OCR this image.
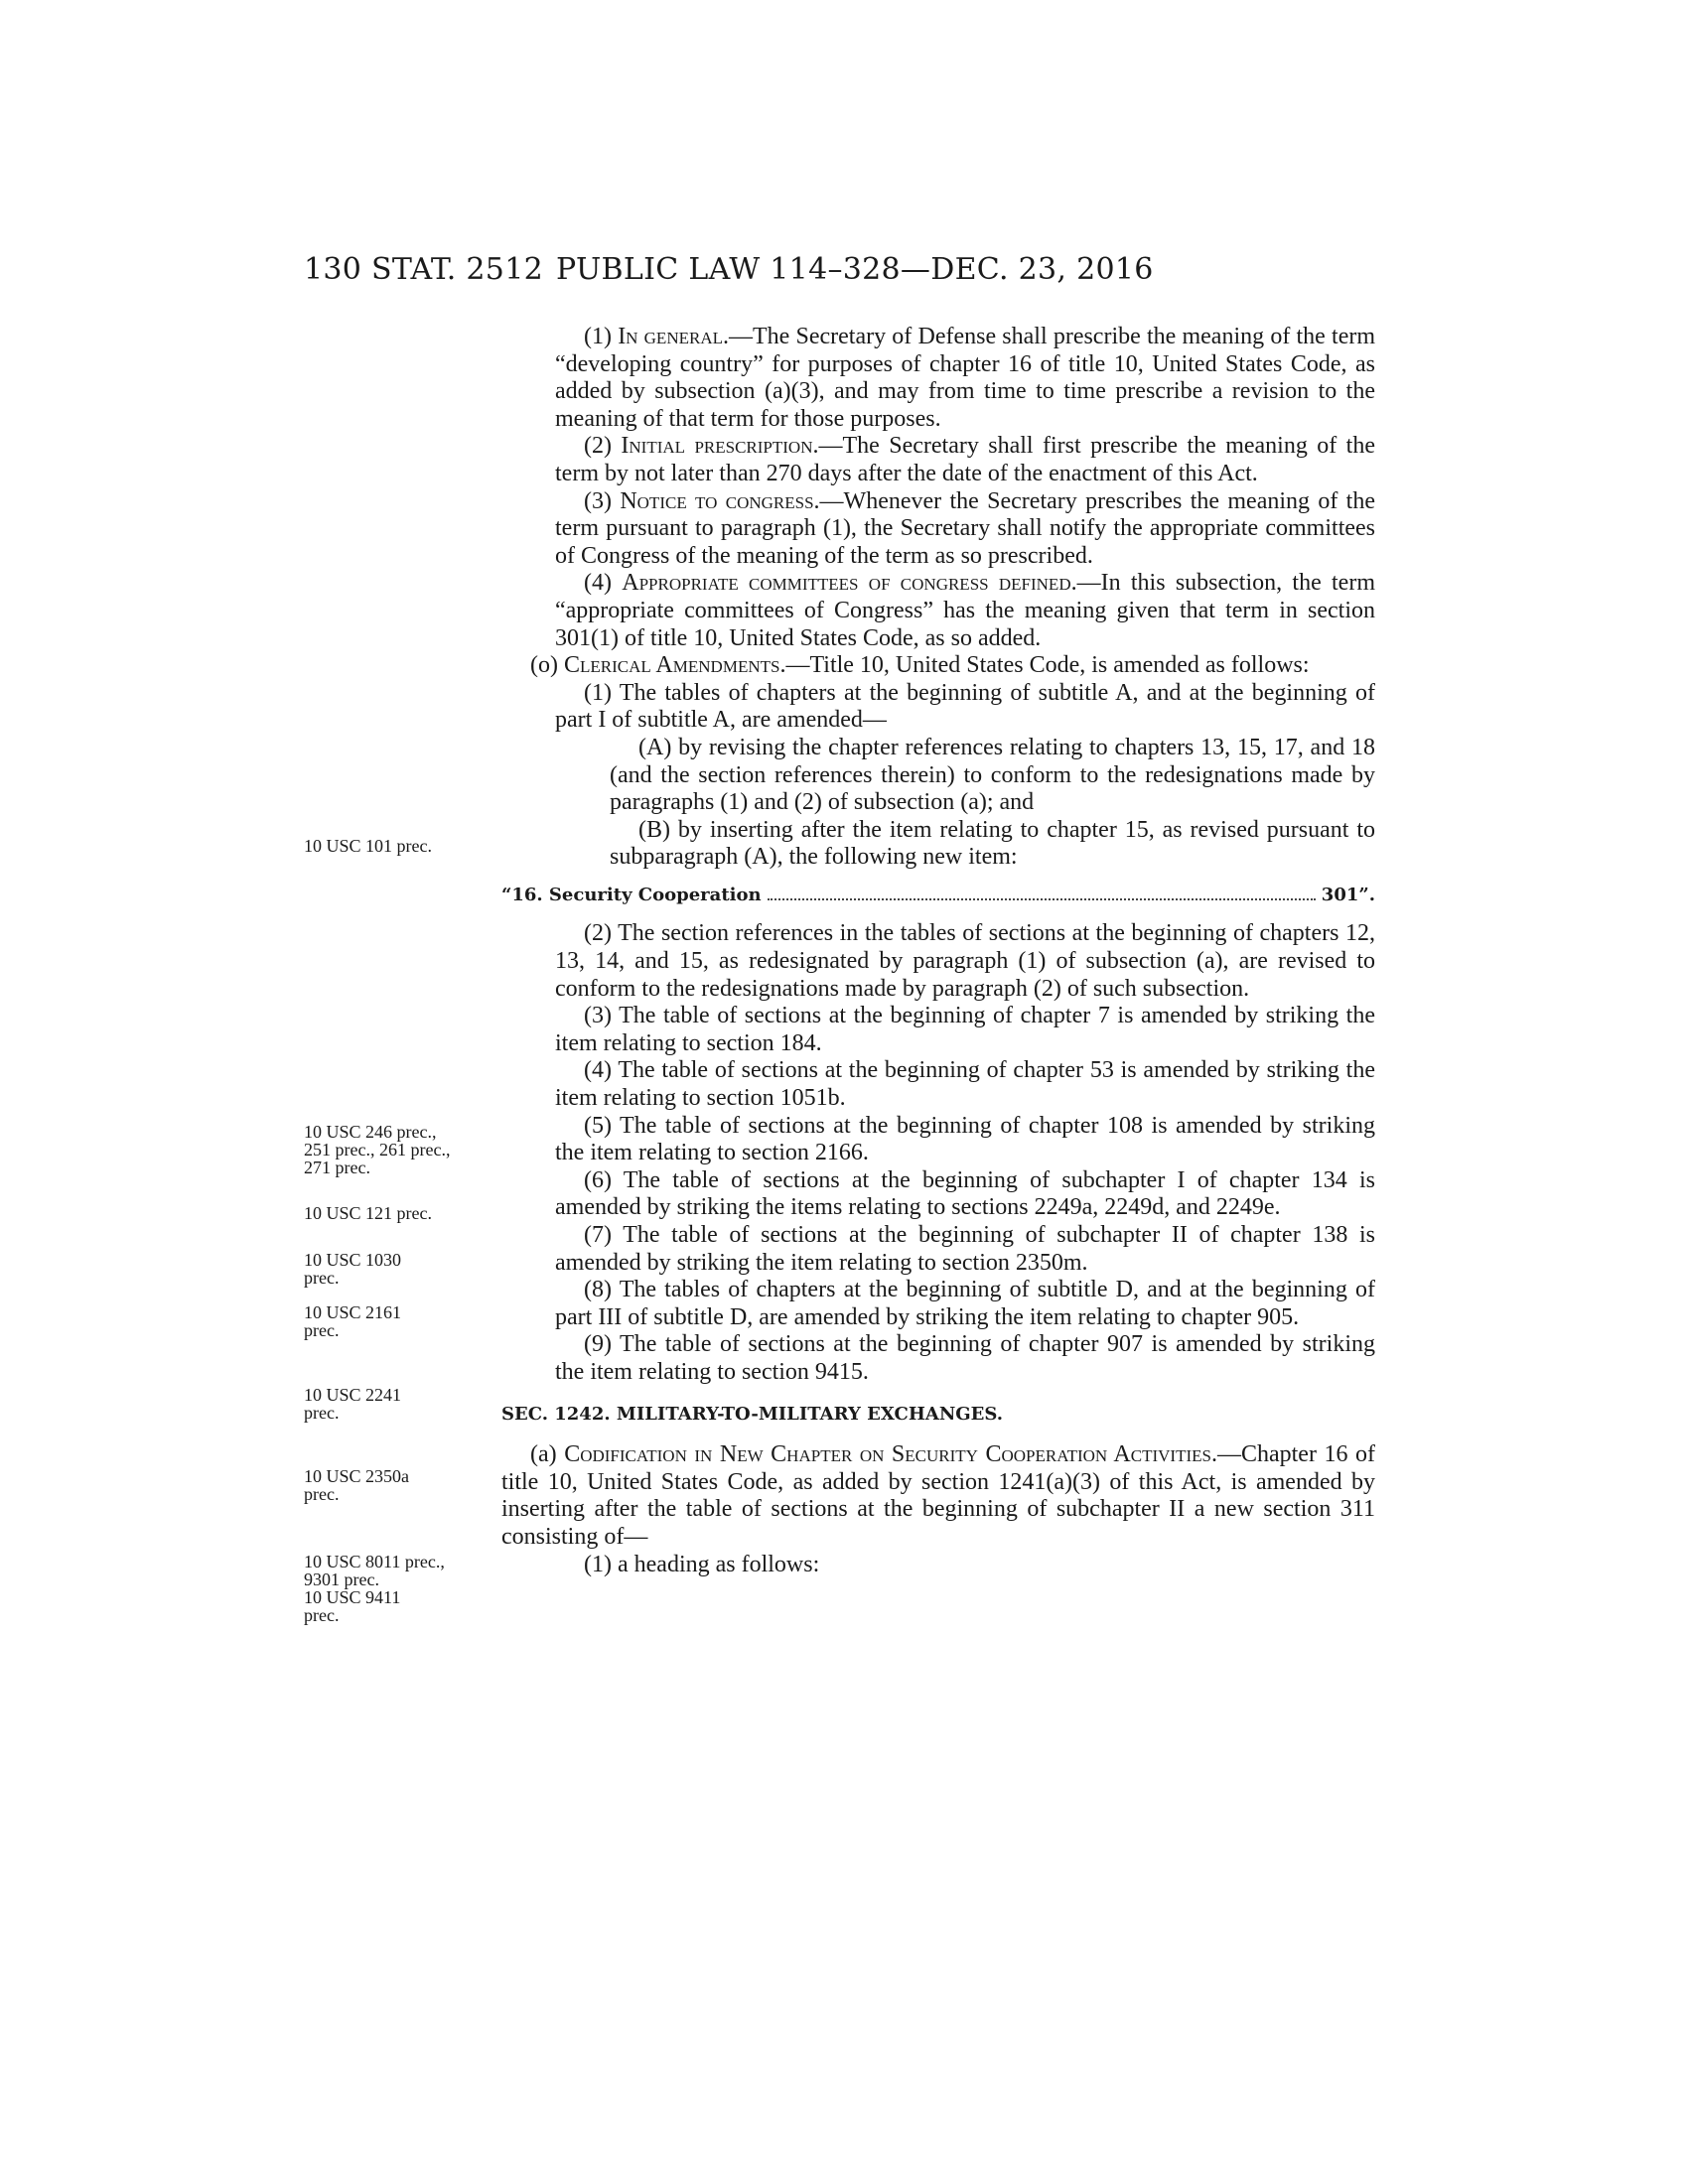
130 STAT. 2512 PUBLIC LAW 114–328—DEC. 23, 2016
10 USC 101 prec.
10 USC 246 prec., 251 prec., 261 prec., 271 prec.
10 USC 121 prec.
10 USC 1030 prec.
10 USC 2161 prec.
10 USC 2241 prec.
10 USC 2350a prec.
10 USC 8011 prec., 9301 prec.
10 USC 9411 prec.

(1) In general.—The Secretary of Defense shall prescribe the meaning of the term “developing country” for purposes of chapter 16 of title 10, United States Code, as added by subsection (a)(3), and may from time to time prescribe a revision to the meaning of that term for those purposes.

(2) Initial prescription.—The Secretary shall first prescribe the meaning of the term by not later than 270 days after the date of the enactment of this Act.

(3) Notice to congress.—Whenever the Secretary prescribes the meaning of the term pursuant to paragraph (1), the Secretary shall notify the appropriate committees of Congress of the meaning of the term as so prescribed.

(4) Appropriate committees of congress defined.—In this subsection, the term “appropriate committees of Congress” has the meaning given that term in section 301(1) of title 10, United States Code, as so added.

(o) Clerical Amendments.—Title 10, United States Code, is amended as follows:

(1) The tables of chapters at the beginning of subtitle A, and at the beginning of part I of subtitle A, are amended—

(A) by revising the chapter references relating to chapters 13, 15, 17, and 18 (and the section references therein) to conform to the redesignations made by paragraphs (1) and (2) of subsection (a); and

(B) by inserting after the item relating to chapter 15, as revised pursuant to subparagraph (A), the following new item:

“16. Security Cooperation	301”.

(2) The section references in the tables of sections at the beginning of chapters 12, 13, 14, and 15, as redesignated by paragraph (1) of subsection (a), are revised to conform to the redesignations made by paragraph (2) of such subsection.

(3) The table of sections at the beginning of chapter 7 is amended by striking the item relating to section 184.

(4) The table of sections at the beginning of chapter 53 is amended by striking the item relating to section 1051b.

(5) The table of sections at the beginning of chapter 108 is amended by striking the item relating to section 2166.

(6) The table of sections at the beginning of subchapter I of chapter 134 is amended by striking the items relating to sections 2249a, 2249d, and 2249e.

(7) The table of sections at the beginning of subchapter II of chapter 138 is amended by striking the item relating to section 2350m.

(8) The tables of chapters at the beginning of subtitle D, and at the beginning of part III of subtitle D, are amended by striking the item relating to chapter 905.

(9) The table of sections at the beginning of chapter 907 is amended by striking the item relating to section 9415.

SEC. 1242. MILITARY-TO-MILITARY EXCHANGES.

(a) Codification in New Chapter on Security Cooperation Activities.—Chapter 16 of title 10, United States Code, as added by section 1241(a)(3) of this Act, is amended by inserting after the table of sections at the beginning of subchapter II a new section 311 consisting of—

(1) a heading as follows:
